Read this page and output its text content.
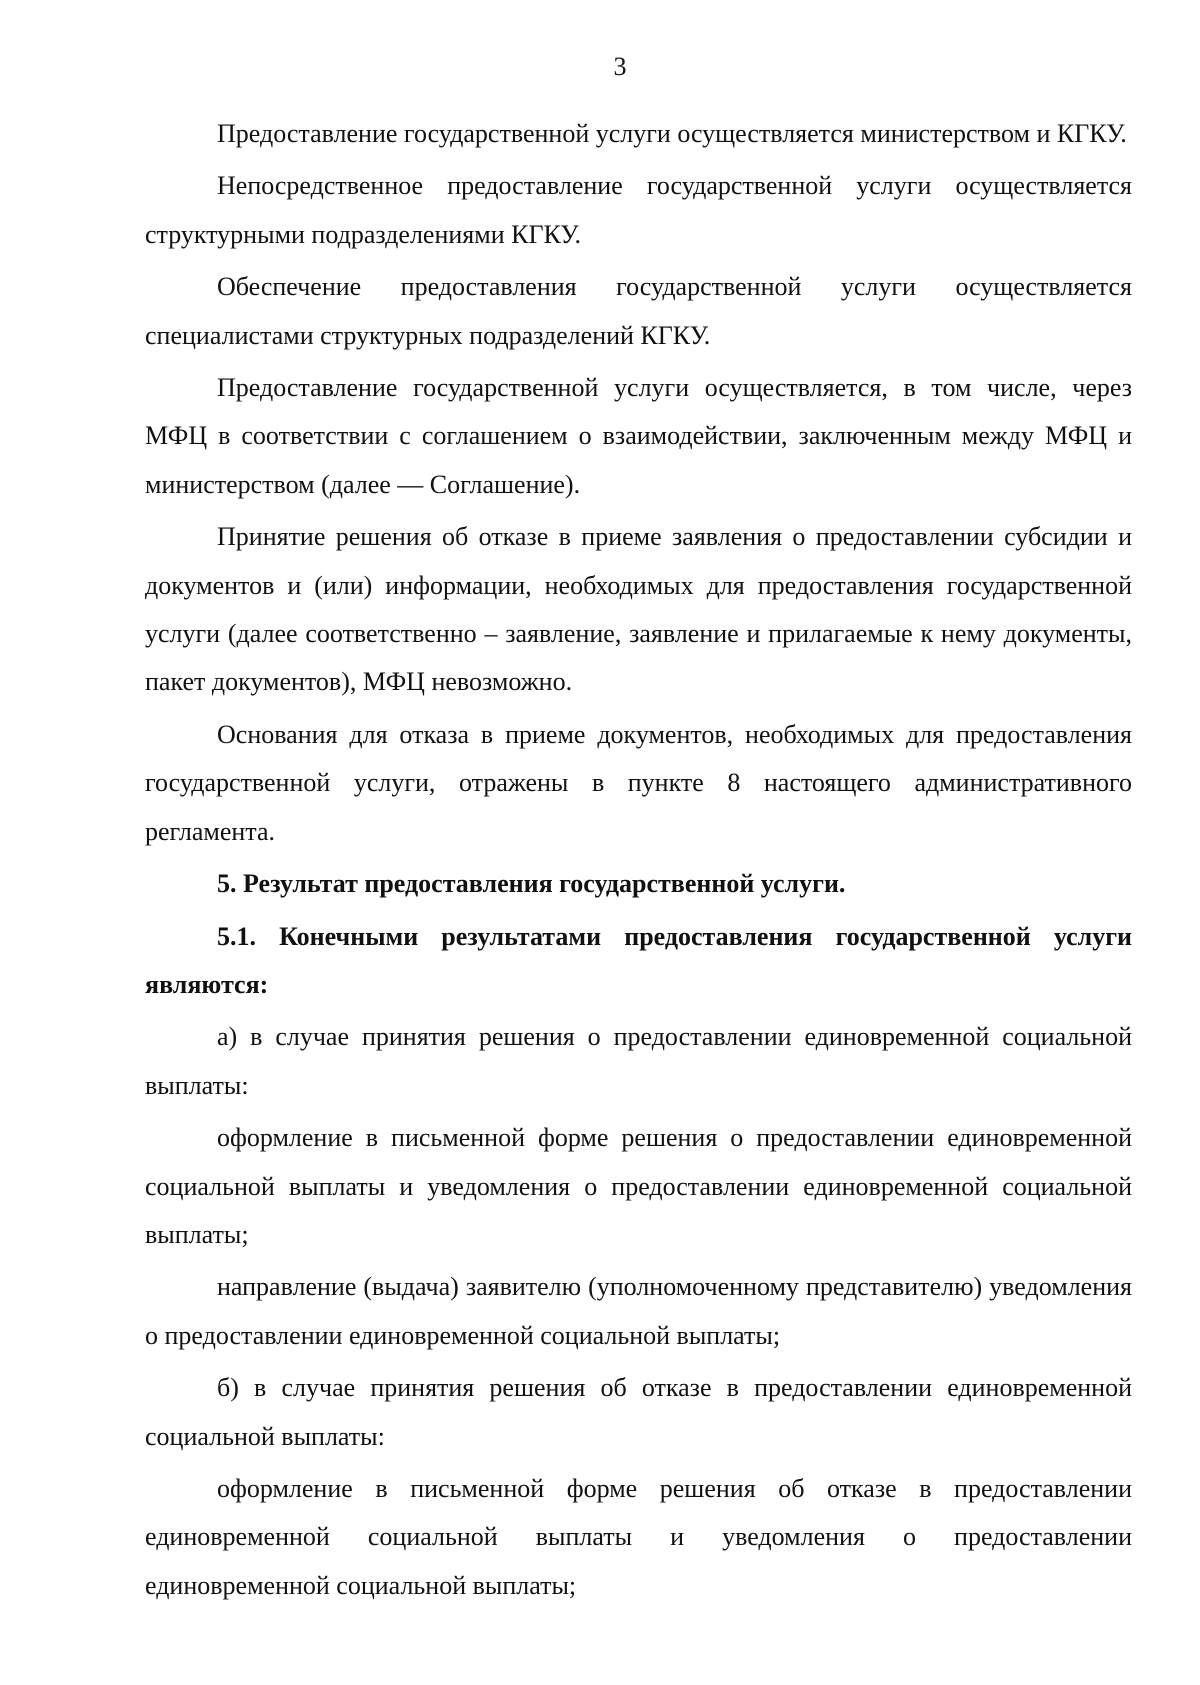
3

Предоставление государственной услуги осуществляется министерством и КГКУ.

Непосредственное предоставление государственной услуги осуществляется структурными подразделениями КГКУ.

Обеспечение предоставления государственной услуги осуществляется специалистами структурных подразделений КГКУ.

Предоставление государственной услуги осуществляется, в том числе, через МФЦ в соответствии с соглашением о взаимодействии, заключенным между МФЦ и министерством (далее — Соглашение).

Принятие решения об отказе в приеме заявления о предоставлении субсидии и документов и (или) информации, необходимых для предоставления государственной услуги (далее соответственно – заявление, заявление и прилагаемые к нему документы, пакет документов), МФЦ невозможно.

Основания для отказа в приеме документов, необходимых для предоставления государственной услуги, отражены в пункте 8 настоящего административного регламента.

5. Результат предоставления государственной услуги.

5.1. Конечными результатами предоставления государственной услуги являются:

а) в случае принятия решения о предоставлении единовременной социальной выплаты:

оформление в письменной форме решения о предоставлении единовременной социальной выплаты и уведомления о предоставлении единовременной социальной выплаты;

направление (выдача) заявителю (уполномоченному представителю) уведомления о предоставлении единовременной социальной выплаты;

б) в случае принятия решения об отказе в предоставлении единовременной социальной выплаты:

оформление в письменной форме решения об отказе в предоставлении единовременной социальной выплаты и уведомления о предоставлении единовременной социальной выплаты;
